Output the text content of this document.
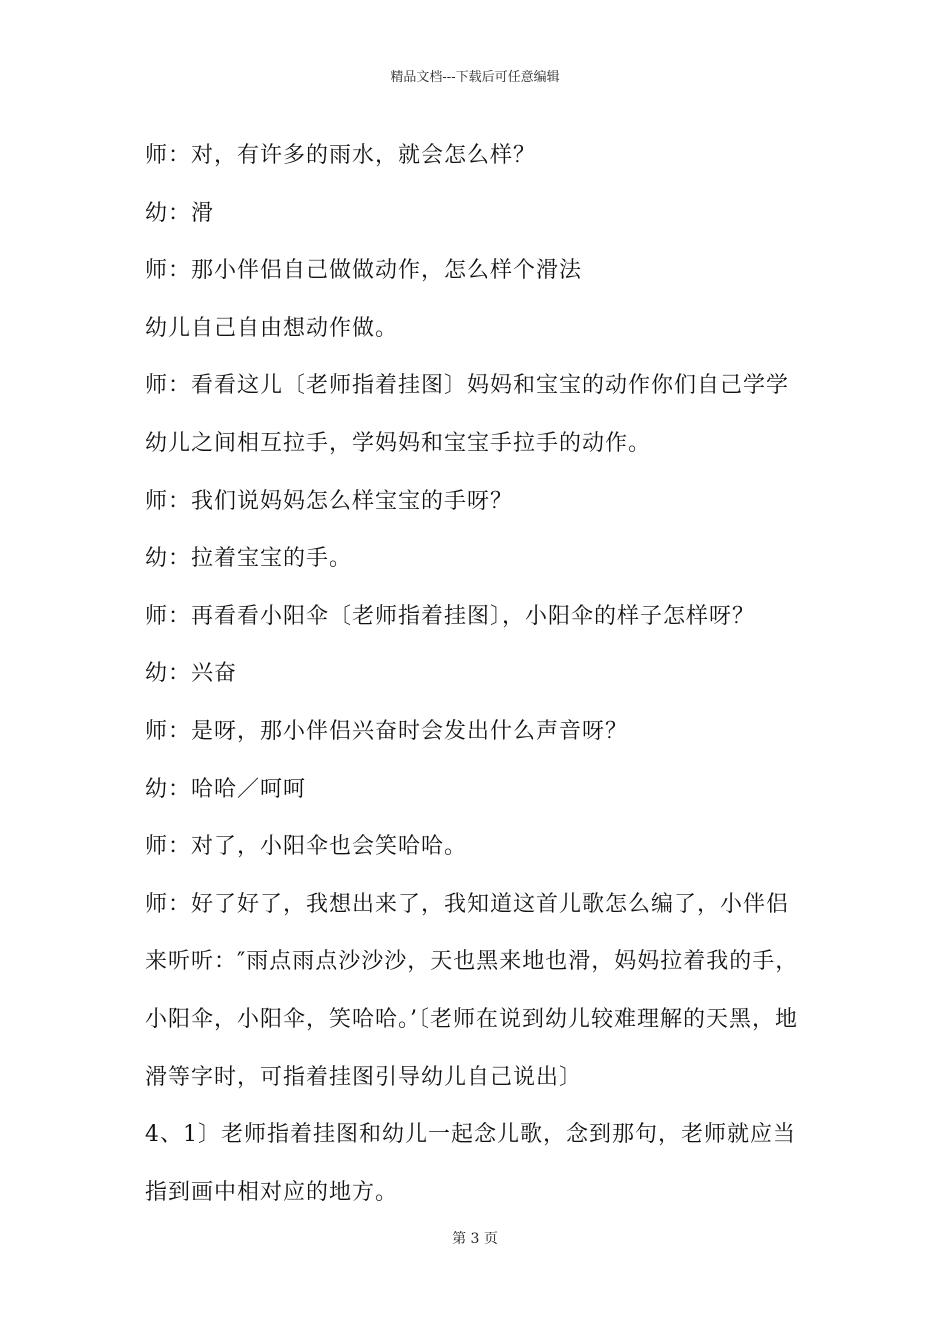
精品文档---下载后可任意编辑

师：对，有许多的雨水，就会怎么样？

幼：滑

师：那小伴侣自己做做动作，怎么样个滑法

幼儿自己自由想动作做。

师：看看这儿〔老师指着挂图〕妈妈和宝宝的动作你们自己学学

幼儿之间相互拉手，学妈妈和宝宝手拉手的动作。

师：我们说妈妈怎么样宝宝的手呀？

幼：拉着宝宝的手。

师：再看看小阳伞〔老师指着挂图〕，小阳伞的样子怎样呀？

幼：兴奋

师：是呀，那小伴侣兴奋时会发出什么声音呀？

幼：哈哈／呵呵

师：对了，小阳伞也会笑哈哈。

师：好了好了，我想出来了，我知道这首儿歌怎么编了，小伴侣来听听：″雨点雨点沙沙沙，天也黑来地也滑，妈妈拉着我的手，小阳伞，小阳伞，笑哈哈。’〔老师在说到幼儿较难理解的天黑，地滑等字时，可指着挂图引导幼儿自己说出〕

4、1〕老师指着挂图和幼儿一起念儿歌，念到那句，老师就应当指到画中相对应的地方。

第 3 页
